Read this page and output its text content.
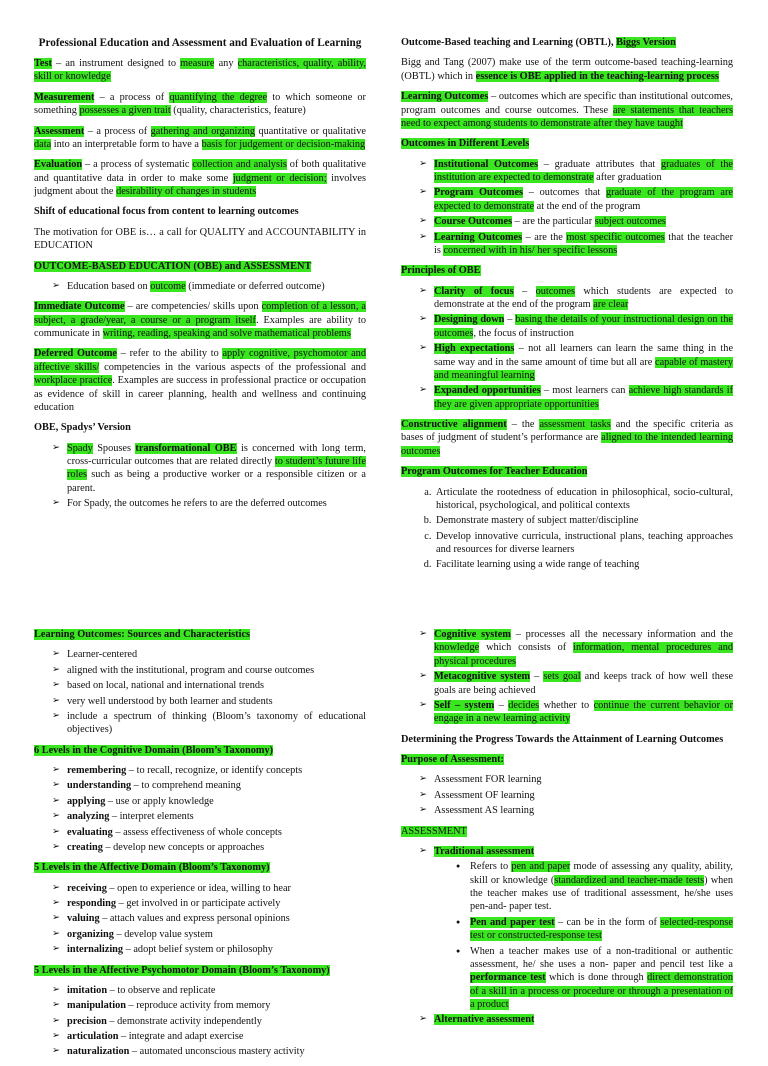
Professional Education and Assessment and Evaluation of Learning

Test – an instrument designed to measure any characteristics, quality, ability, skill or knowledge

Measurement – a process of quantifying the degree to which someone or something possesses a given trait (quality, characteristics, feature)

Assessment – a process of gathering and organizing quantitative or qualitative data into an interpretable form to have a basis for judgement or decision-making

Evaluation – a process of systematic collection and analysis of both qualitative and quantitative data in order to make some judgment or decision; involves judgment about the desirability of changes in students

Shift of educational focus from content to learning outcomes

The motivation for OBE is… a call for QUALITY and ACCOUNTABILITY in EDUCATION

OUTCOME-BASED EDUCATION (OBE) and ASSESSMENT
➢ Education based on outcome (immediate or deferred outcome)

Immediate Outcome – are competencies/ skills upon completion of a lesson, a subject, a grade/year, a course or a program itself. Examples are ability to communicate in writing, reading, speaking and solve mathematical problems

Deferred Outcome – refer to the ability to apply cognitive, psychomotor and affective skills/ competencies in the various aspects of the professional and workplace practice. Examples are success in professional practice or occupation as evidence of skill in career planning, health and wellness and continuing education

OBE, Spadys’ Version
➢ Spady Spouses transformational OBE is concerned with long term, cross-curricular outcomes that are related directly to student’s future life roles such as being a productive worker or a responsible citizen or a parent.
➢ For Spady, the outcomes he refers to are the deferred outcomes
Outcome-Based teaching and Learning (OBTL), Biggs Version

Bigg and Tang (2007) make use of the term outcome-based teaching-learning (OBTL) which in essence is OBE applied in the teaching-learning process

Learning Outcomes – outcomes which are specific than institutional outcomes, program outcomes and course outcomes. These are statements that teachers need to expect among students to demonstrate after they have taught

Outcomes in Different Levels
➢ Institutional Outcomes – graduate attributes that graduates of the institution are expected to demonstrate after graduation
➢ Program Outcomes – outcomes that graduate of the program are expected to demonstrate at the end of the program
➢ Course Outcomes – are the particular subject outcomes
➢ Learning Outcomes – are the most specific outcomes that the teacher is concerned with in his/ her specific lessons
Principles of OBE
➢ Clarity of focus – outcomes which students are expected to demonstrate at the end of the program are clear
➢ Designing down – basing the details of your instructional design on the outcomes, the focus of instruction
➢ High expectations – not all learners can learn the same thing in the same way and in the same amount of time but all are capable of mastery and meaningful learning
➢ Expanded opportunities – most learners can achieve high standards if they are given appropriate opportunities

Constructive alignment – the assessment tasks and the specific criteria as bases of judgment of student’s performance are aligned to the intended learning outcomes

Program Outcomes for Teacher Education
a. Articulate the rootedness of education in philosophical, socio-cultural, historical, psychological, and political contexts
b. Demonstrate mastery of subject matter/discipline
c. Develop innovative curricula, instructional plans, teaching approaches and resources for diverse learners
d. Facilitate learning using a wide range of teaching
Learning Outcomes: Sources and Characteristics
➢ Learner-centered
➢ aligned with the institutional, program and course outcomes
➢ based on local, national and international trends
➢ very well understood by both learner and students
➢ include a spectrum of thinking (Bloom’s taxonomy of educational objectives)
6 Levels in the Cognitive Domain (Bloom’s Taxonomy)
➢ remembering – to recall, recognize, or identify concepts
➢ understanding – to comprehend meaning
➢ applying – use or apply knowledge
➢ analyzing – interpret elements
➢ evaluating – assess effectiveness of whole concepts
➢ creating – develop new concepts or approaches
5 Levels in the Affective Domain (Bloom’s Taxonomy)
➢ receiving – open to experience or idea, willing to hear
➢ responding – get involved in or participate actively
➢ valuing – attach values and express personal opinions
➢ organizing – develop value system
➢ internalizing – adopt belief system or philosophy
5 Levels in the Affective Psychomotor Domain (Bloom’s Taxonomy)
➢ imitation – to observe and replicate
➢ manipulation – reproduce activity from memory
➢ precision – demonstrate activity independently
➢ articulation – integrate and adapt exercise
➢ naturalization – automated unconscious mastery activity
➢ Cognitive system – processes all the necessary information and the knowledge which consists of information, mental procedures and physical procedures
➢ Metacognitive system – sets goal and keeps track of how well these goals are being achieved
➢ Self – system – decides whether to continue the current behavior or engage in a new learning activity
Determining the Progress Towards the Attainment of Learning Outcomes
Purpose of Assessment:
➢ Assessment FOR learning
➢ Assessment OF learning
➢ Assessment AS learning
ASSESSMENT
➢ Traditional assessment
● Refers to pen and paper mode of assessing any quality, ability, skill or knowledge (standardized and teacher-made tests) when the teacher makes use of traditional assessment, he/she uses pen-and- paper test.
● Pen and paper test – can be in the form of selected-response test or constructed-response test
● When a teacher makes use of a non-traditional or authentic assessment, he/ she uses a non- paper and pencil test like a performance test which is done through direct demonstration of a skill in a process or procedure or through a presentation of a product
➢ Alternative assessment
